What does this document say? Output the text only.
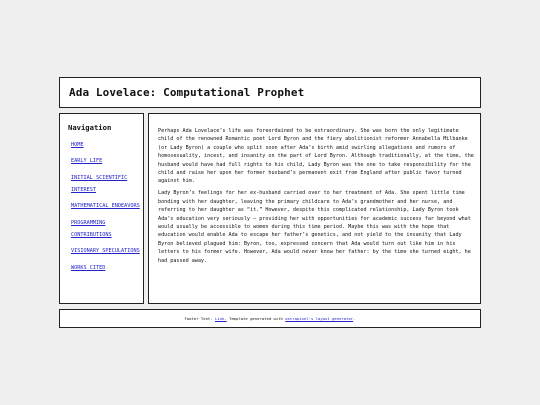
Ada Lovelace: Computational Prophet
Navigation
HOME
EARLY LIFE
INITIAL SCIENTIFIC INTEREST
MATHEMATICAL ENDEAVORS
PROGRAMMING CONTRIBUTIONS
VISIONARY SPECULATIONS
WORKS CITED

Perhaps Ada Lovelace’s life was foreordained to be extraordinary. She was born the only legitimate child of the renowned Romantic poet Lord Byron and the fiery abolitionist reformer Annabella Milbanke (or Lady Byron) a couple who split soon after Ada’s birth amid swirling allegations and rumors of homosexuality, incest, and insanity on the part of Lord Byron. Although traditionally, at the time, the husband would have had full rights to his child, Lady Byron was the one to take responsibility for the child and raise her upon her former husband’s permanent exit from England after public favor turned against him.

Lady Byron’s feelings for her ex-husband carried over to her treatment of Ada. She spent little time bonding with her daughter, leaving the primary childcare to Ada’s grandmother and her nurse, and referring to her daughter as “it.” However, despite this complicated relationship, Lady Byron took Ada’s education very seriously – providing her with opportunities for academic success far beyond what would usually be accessible to women during this time period. Maybe this was with the hope that education would enable Ada to escape her father’s genetics, and not yield to the insanity that Lady Byron believed plagued him: Byron, too, expressed concern that Ada would turn out like him in his letters to his former wife. However, Ada would never know her father: by the time she turned eight, he had passed away.

Footer Text. Link. Template generated with ostrapixel's layout generator.
